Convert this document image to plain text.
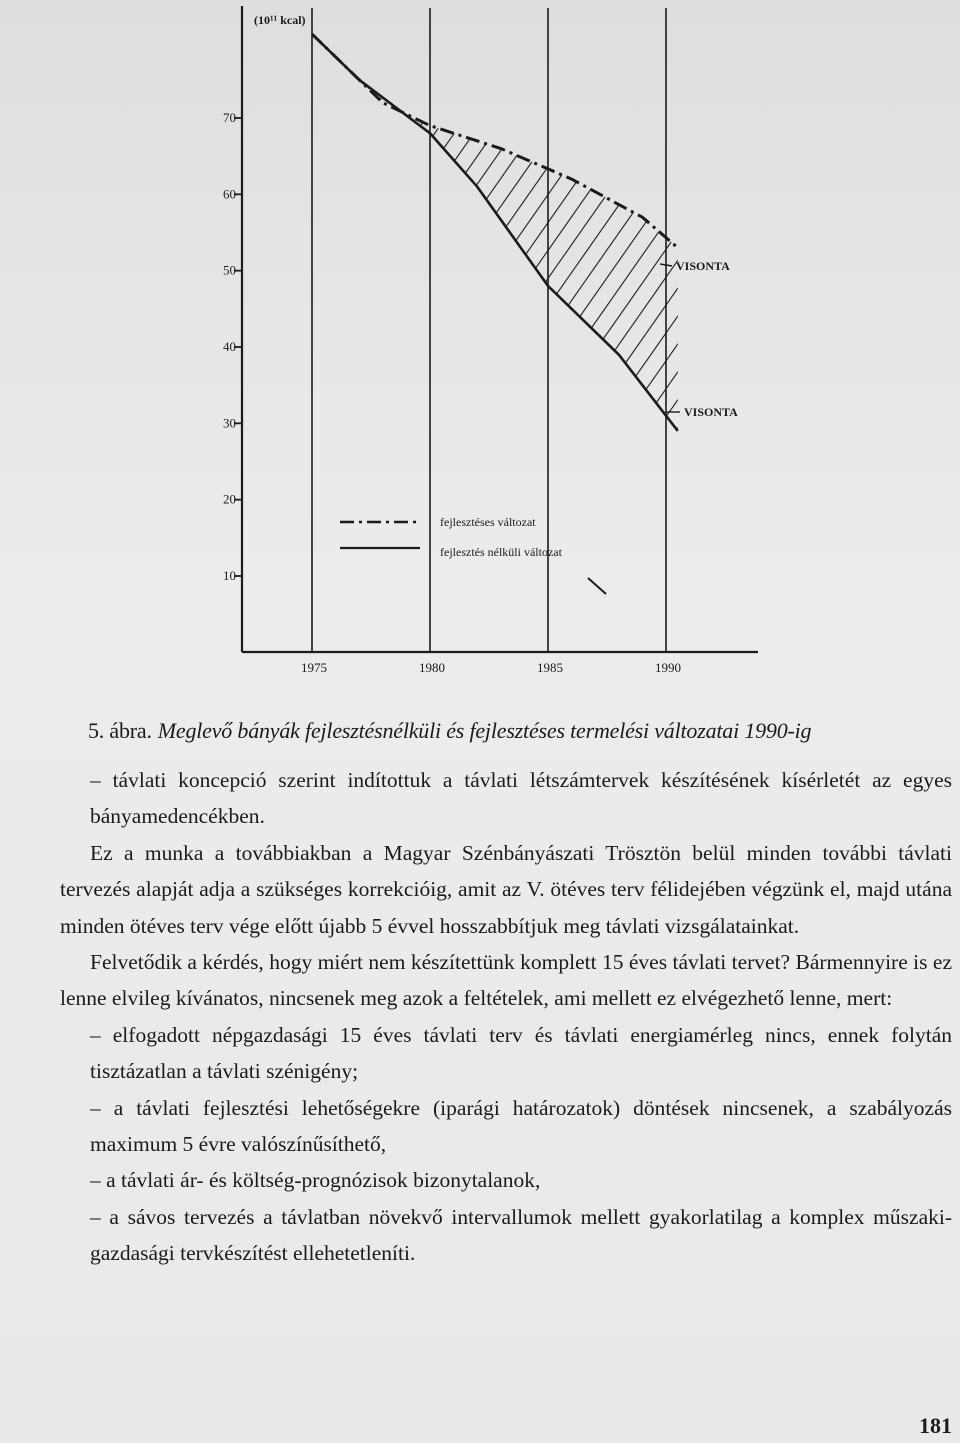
10
20
30
40
50
60
70
1975	1980	1985	1990
(10¹¹ kcal)
VISONTA
VISONTA
fejlesztéses változat
fejlesztés nélküli változat
5. ábra. Meglevő bányák fejlesztésnélküli és fejlesztéses termelési változatai 1990-ig

– távlati koncepció szerint indítottuk a távlati létszámtervek készítésének kísérletét az egyes bányamedencékben.

Ez a munka a továbbiakban a Magyar Szénbányászati Trösztön belül minden további távlati tervezés alapját adja a szükséges korrekcióig, amit az V. ötéves terv félidejében végzünk el, majd utána minden ötéves terv vége előtt újabb 5 évvel hosszabbítjuk meg távlati vizsgálatainkat.

Felvetődik a kérdés, hogy miért nem készítettünk komplett 15 éves távlati tervet? Bármennyire is ez lenne elvileg kívánatos, nincsenek meg azok a feltételek, ami mellett ez elvégezhető lenne, mert:

– elfogadott népgazdasági 15 éves távlati terv és távlati energiamérleg nincs, ennek folytán tisztázatlan a távlati szénigény;

– a távlati fejlesztési lehetőségekre (iparági határozatok) döntések nincsenek, a szabályozás maximum 5 évre valószínűsíthető,

– a távlati ár- és költség-prognózisok bizonytalanok,

– a sávos tervezés a távlatban növekvő intervallumok mellett gyakorlatilag a komplex műszaki-gazdasági tervkészítést ellehetetleníti.

181
